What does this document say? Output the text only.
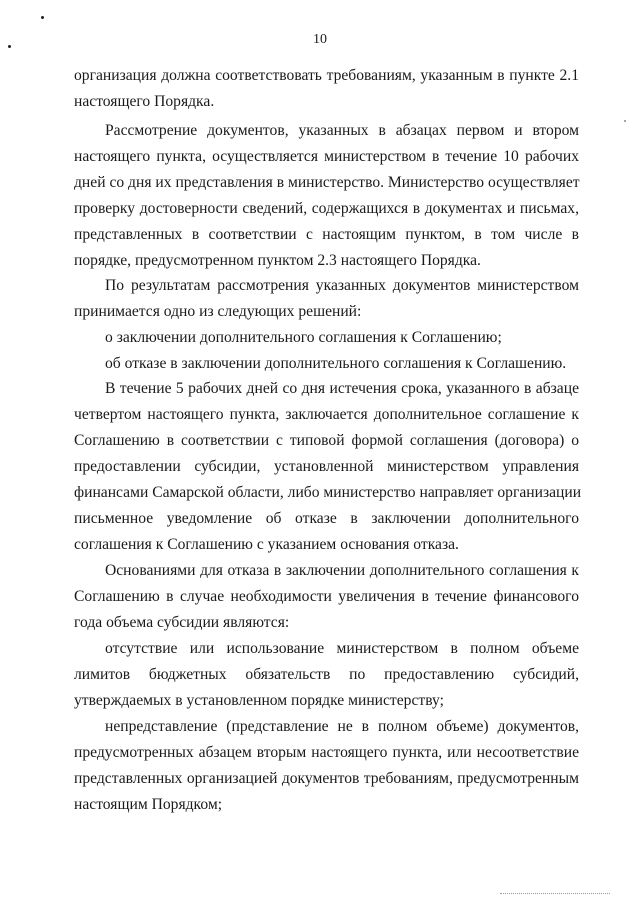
10
организация должна соответствовать требованиям, указанным в пункте 2.1
настоящего Порядка.
Рассмотрение документов, указанных в абзацах первом и втором
настоящего пункта, осуществляется министерством в течение 10 рабочих
дней со дня их представления в министерство. Министерство осуществляет
проверку достоверности сведений, содержащихся в документах и письмах,
представленных в соответствии с настоящим пунктом, в том числе в
порядке, предусмотренном пунктом 2.3 настоящего Порядка.
По результатам рассмотрения указанных документов министерством
принимается одно из следующих решений:
о заключении дополнительного соглашения к Соглашению;
об отказе в заключении дополнительного соглашения к Соглашению.
В течение 5 рабочих дней со дня истечения срока, указанного в абзаце
четвертом настоящего пункта, заключается дополнительное соглашение к
Соглашению в соответствии с типовой формой соглашения (договора) о
предоставлении субсидии, установленной министерством управления
финансами Самарской области, либо министерство направляет организации
письменное уведомление об отказе в заключении дополнительного
соглашения к Соглашению с указанием основания отказа.
Основаниями для отказа в заключении дополнительного соглашения к
Соглашению в случае необходимости увеличения в течение финансового
года объема субсидии являются:
отсутствие или использование министерством в полном объеме
лимитов бюджетных обязательств по предоставлению субсидий,
утверждаемых в установленном порядке министерству;
непредставление (представление не в полном объеме) документов,
предусмотренных абзацем вторым настоящего пункта, или несоответствие
представленных организацией документов требованиям, предусмотренным
настоящим Порядком;
